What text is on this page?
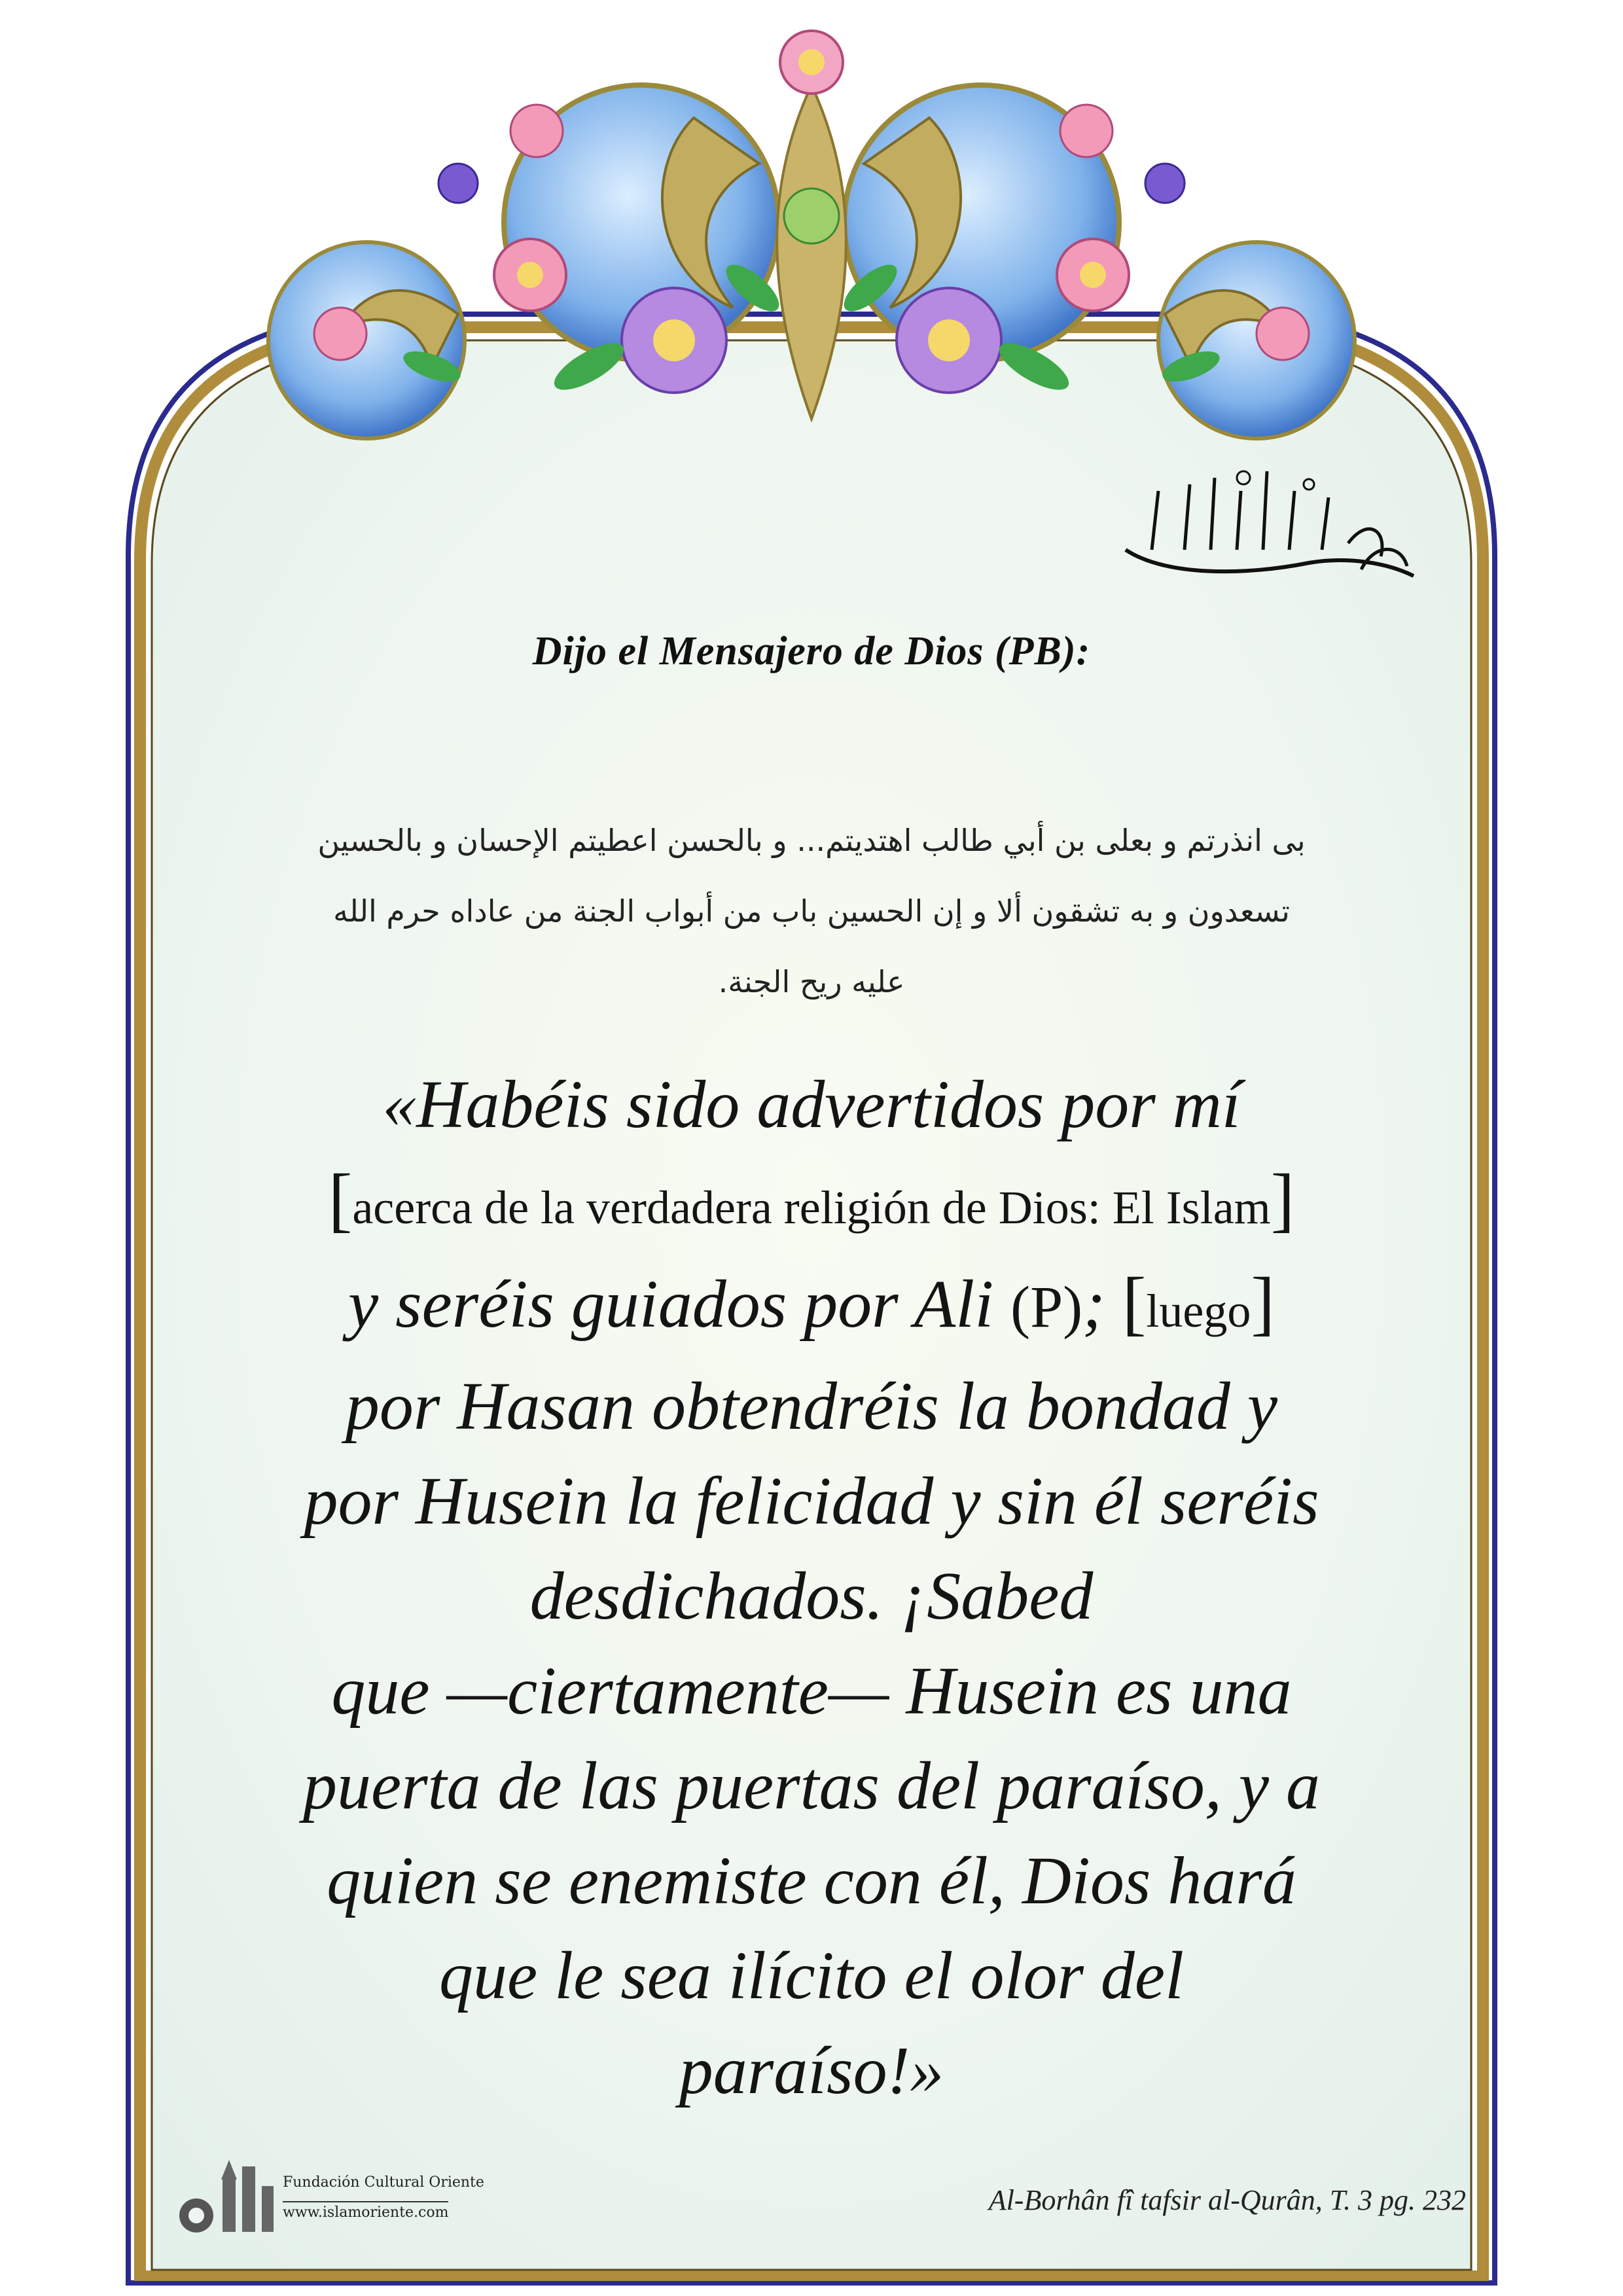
Dijo el Mensajero de Dios (PB):

بى انذرتم و بعلى بن أبي طالب اهتديتم... و بالحسن اعطيتم الإحسان و بالحسين

تسعدون و به تشقون ألا و إن الحسين باب من أبواب الجنة من عاداه حرم الله

عليه ريح الجنة.

«Habéis sido advertidos por mí
[acerca de la verdadera religión de Dios: El Islam]
y seréis guiados por Ali (P); [luego]
por Hasan obtendréis la bondad y
por Husein la felicidad y sin él seréis
desdichados. ¡Sabed
que —ciertamente— Husein es una
puerta de las puertas del paraíso, y a
quien se enemiste con él, Dios hará
que le sea ilícito el olor del
paraíso!»
Fundación Cultural Oriente
www.islamoriente.com	Al-Borhân fî tafsir al-Qurân, T. 3 pg. 232
